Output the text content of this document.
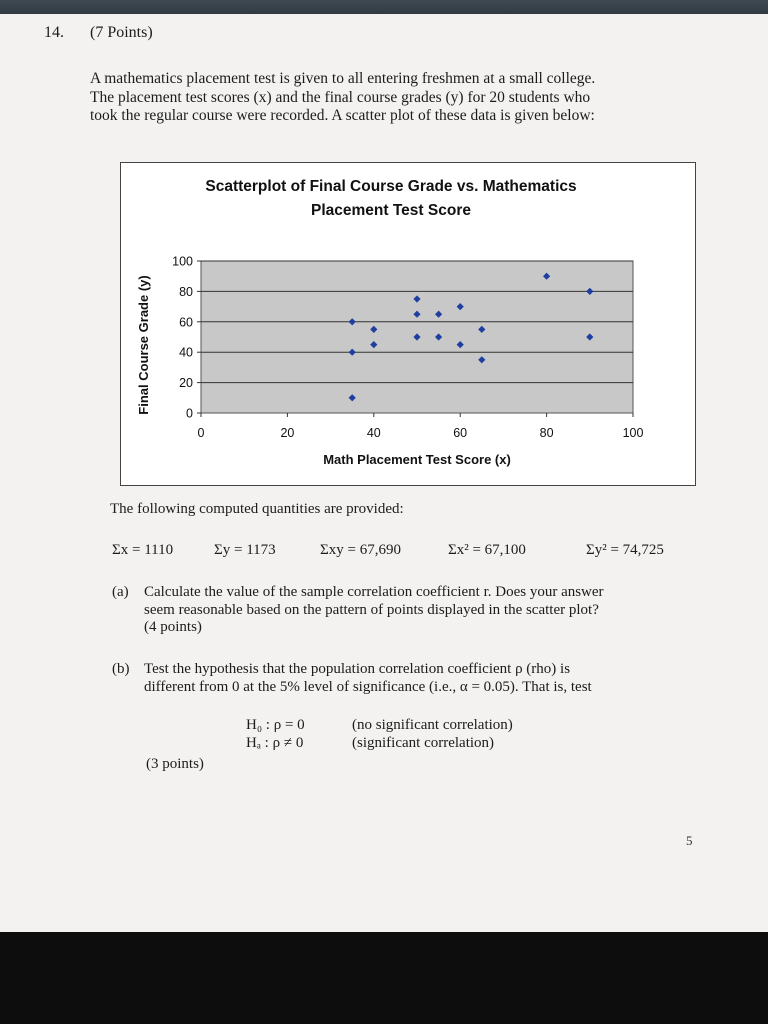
14. (7 Points)
A mathematics placement test is given to all entering freshmen at a small college.
The placement test scores (x) and the final course grades (y) for 20 students who
took the regular course were recorded. A scatter plot of these data is given below:
Scatterplot of Final Course Grade vs. Mathematics
Placement Test Score
100
80
60
40
20
0
0	20	40	60	80	100
Math Placement Test Score (x)
Final Course Grade (y)
The following computed quantities are provided:
Σx = 1110	Σy = 1173	Σxy = 67,690	Σx² = 67,100	Σy² = 74,725
(a) Calculate the value of the sample correlation coefficient r. Does your answer
seem reasonable based on the pattern of points displayed in the scatter plot?
(4 points)
(b) Test the hypothesis that the population correlation coefficient ρ (rho) is
different from 0 at the 5% level of significance (i.e., α = 0.05). That is, test
H₀ : ρ = 0	(no significant correlation)
Hₐ : ρ ≠ 0	(significant correlation)
(3 points)
5
